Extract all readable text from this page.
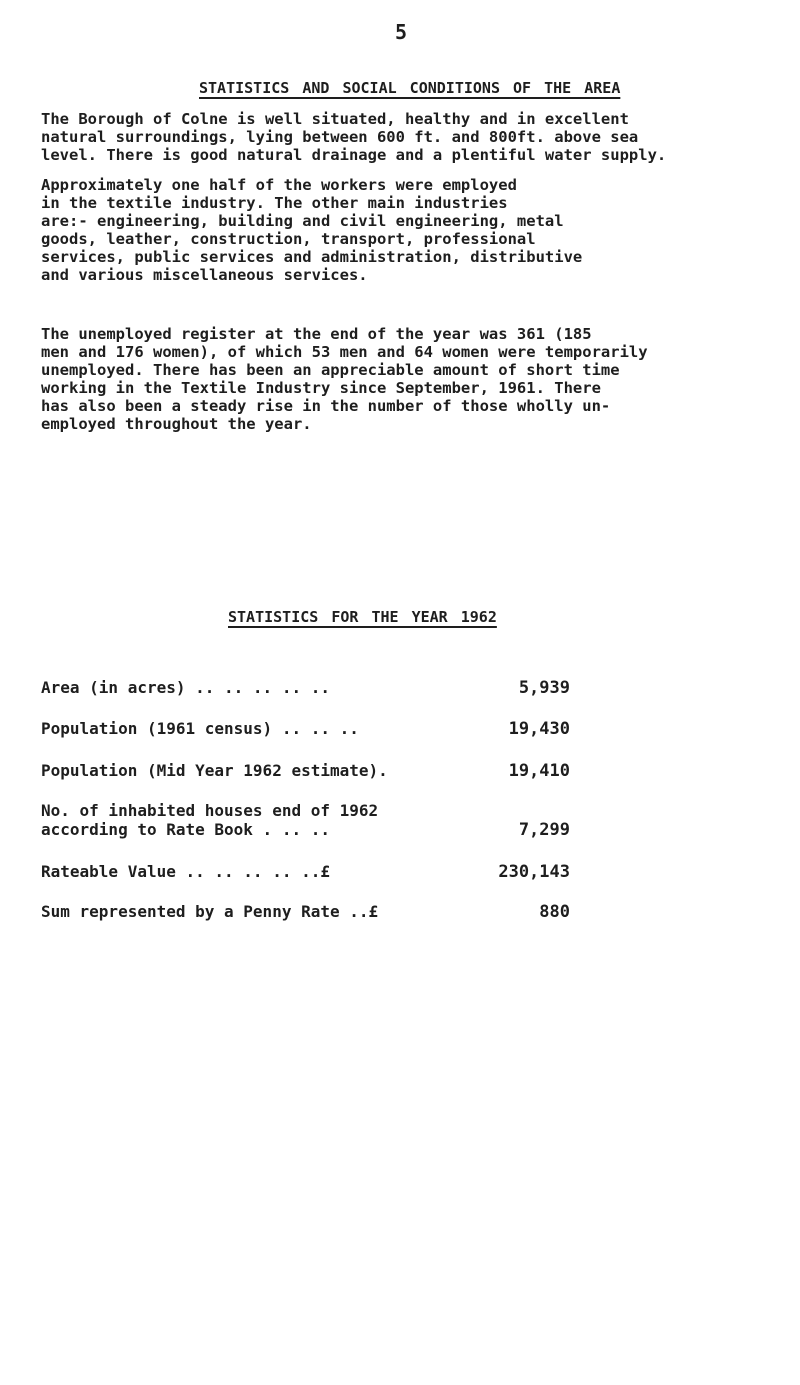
5
STATISTICS AND SOCIAL CONDITIONS OF THE AREA

The Borough of Colne is well situated, healthy and in excellent
natural surroundings, lying between 600 ft. and 800ft. above sea
level. There is good natural drainage and a plentiful water supply.

Approximately one half of the workers were employed
in the textile industry. The other main industries
are:- engineering, building and civil engineering, metal
goods, leather, construction, transport, professional
services, public services and administration, distributive
and various miscellaneous services.

The unemployed register at the end of the year was 361 (185
men and 176 women), of which 53 men and 64 women were temporarily
unemployed. There has been an appreciable amount of short time
working in the Textile Industry since September, 1961. There
has also been a steady rise in the number of those wholly un-
employed throughout the year.

STATISTICS FOR THE YEAR 1962
Area (in acres) .. .. .. .. ..	5,939
Population (1961 census) .. .. ..	19,430
Population (Mid Year 1962 estimate).	19,410
No. of inhabited houses end of 1962
according to Rate Book . .. ..	7,299
Rateable Value .. .. .. .. ..£	230,143
Sum represented by a Penny Rate ..£	880
